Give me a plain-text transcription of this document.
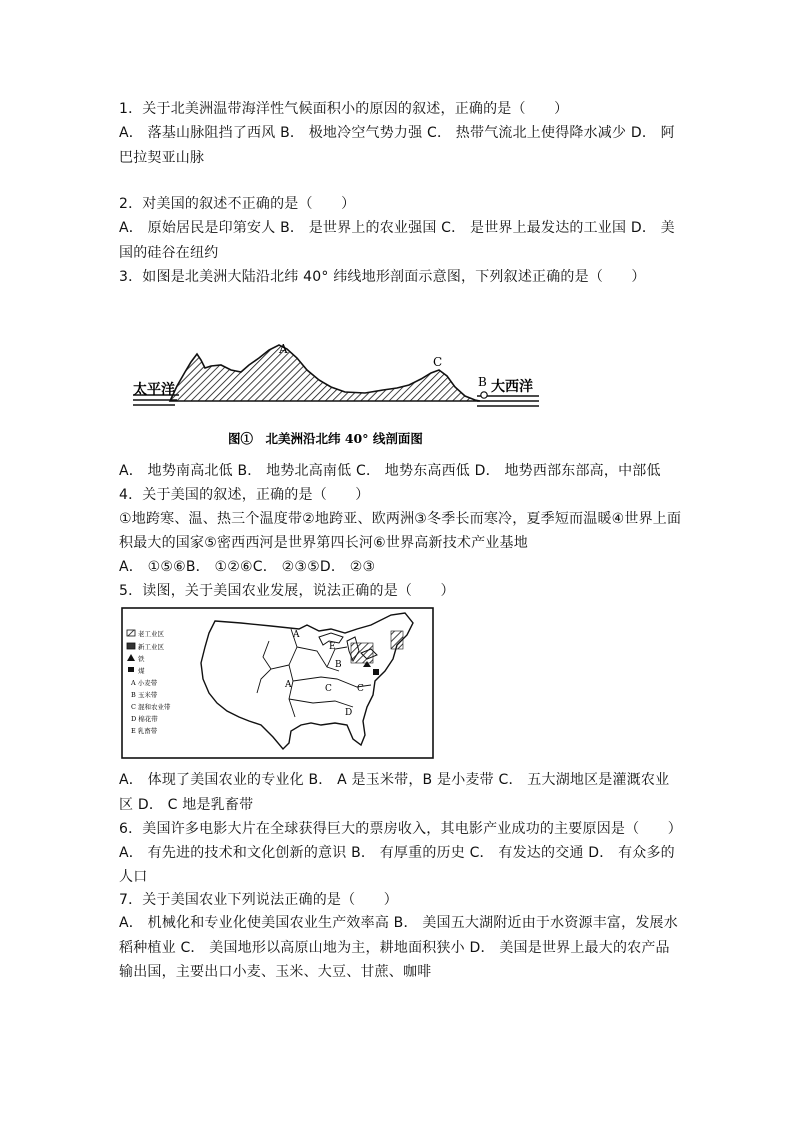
1．关于北美洲温带海洋性气候面积小的原因的叙述，正确的是（　　）
A． 落基山脉阻挡了西风 B． 极地冷空气势力强 C． 热带气流北上使得降水减少 D． 阿
巴拉契亚山脉
2．对美国的叙述不正确的是（　　）
A． 原始居民是印第安人 B． 是世界上的农业强国 C． 是世界上最发达的工业国 D． 美
国的硅谷在纽约
3．如图是北美洲大陆沿北纬 40° 纬线地形剖面示意图，下列叙述正确的是（　　）
A
C
B
太平洋	大西洋
图①　北美洲沿北纬 40° 线剖面图
A． 地势南高北低 B． 地势北高南低 C． 地势东高西低 D． 地势西部东部高，中部低
4．关于美国的叙述，正确的是（　　）
①地跨寒、温、热三个温度带②地跨亚、欧两洲③冬季长而寒冷，夏季短而温暖④世界上面
积最大的国家⑤密西西河是世界第四长河⑥世界高新技术产业基地
A． ①⑤⑥B． ①②⑥C． ②③⑤D． ②③
5．读图，关于美国农业发展，说法正确的是（　　）
老工业区
新工业区
铁
煤
A 小麦带
B 玉米带
C 混和农业带
D 棉花带
E 乳畜带
A
E
A
B
C	C
D
A． 体现了美国农业的专业化 B． A 是玉米带，B 是小麦带 C． 五大湖地区是灌溉农业
区 D． C 地是乳畜带
6．美国许多电影大片在全球获得巨大的票房收入，其电影产业成功的主要原因是（　　）
A． 有先进的技术和文化创新的意识 B． 有厚重的历史 C． 有发达的交通 D． 有众多的
人口
7．关于美国农业下列说法正确的是（　　）
A． 机械化和专业化使美国农业生产效率高 B． 美国五大湖附近由于水资源丰富，发展水
稻种植业 C． 美国地形以高原山地为主，耕地面积狭小 D． 美国是世界上最大的农产品
输出国，主要出口小麦、玉米、大豆、甘蔗、咖啡
